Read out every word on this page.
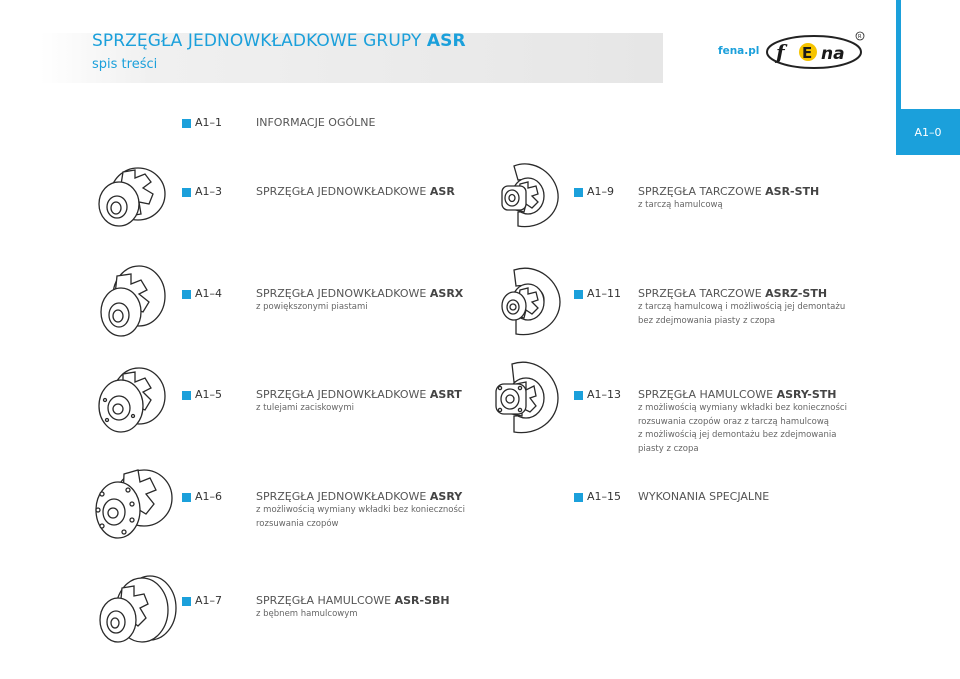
SPRZĘGŁA JEDNOWKŁADKOWE GRUPY ASR
spis treści
fena.pl f E na
R
A1–0
A1–1	INFORMACJE OGÓLNE
A1–3	SPRZĘGŁA JEDNOWKŁADKOWE ASR
A1–4	SPRZĘGŁA JEDNOWKŁADKOWE ASRX
z powiększonymi piastami
A1–5	SPRZĘGŁA JEDNOWKŁADKOWE ASRT
z tulejami zaciskowymi
A1–6	SPRZĘGŁA JEDNOWKŁADKOWE ASRY
z możliwością wymiany wkładki bez konieczności
rozsuwania czopów
A1–7	SPRZĘGŁA HAMULCOWE ASR-SBH
z bębnem hamulcowym
A1–9 SPRZĘGŁA TARCZOWE ASR-STH
z tarczą hamulcową
A1–11 SPRZĘGŁA TARCZOWE ASRZ-STH
z tarczą hamulcową i możliwością jej demontażu
bez zdejmowania piasty z czopa
A1–13 SPRZĘGŁA HAMULCOWE ASRY-STH
z możliwością wymiany wkładki bez konieczności
rozsuwania czopów oraz z tarczą hamulcową
z możliwością jej demontażu bez zdejmowania
piasty z czopa
A1–15 WYKONANIA SPECJALNE
